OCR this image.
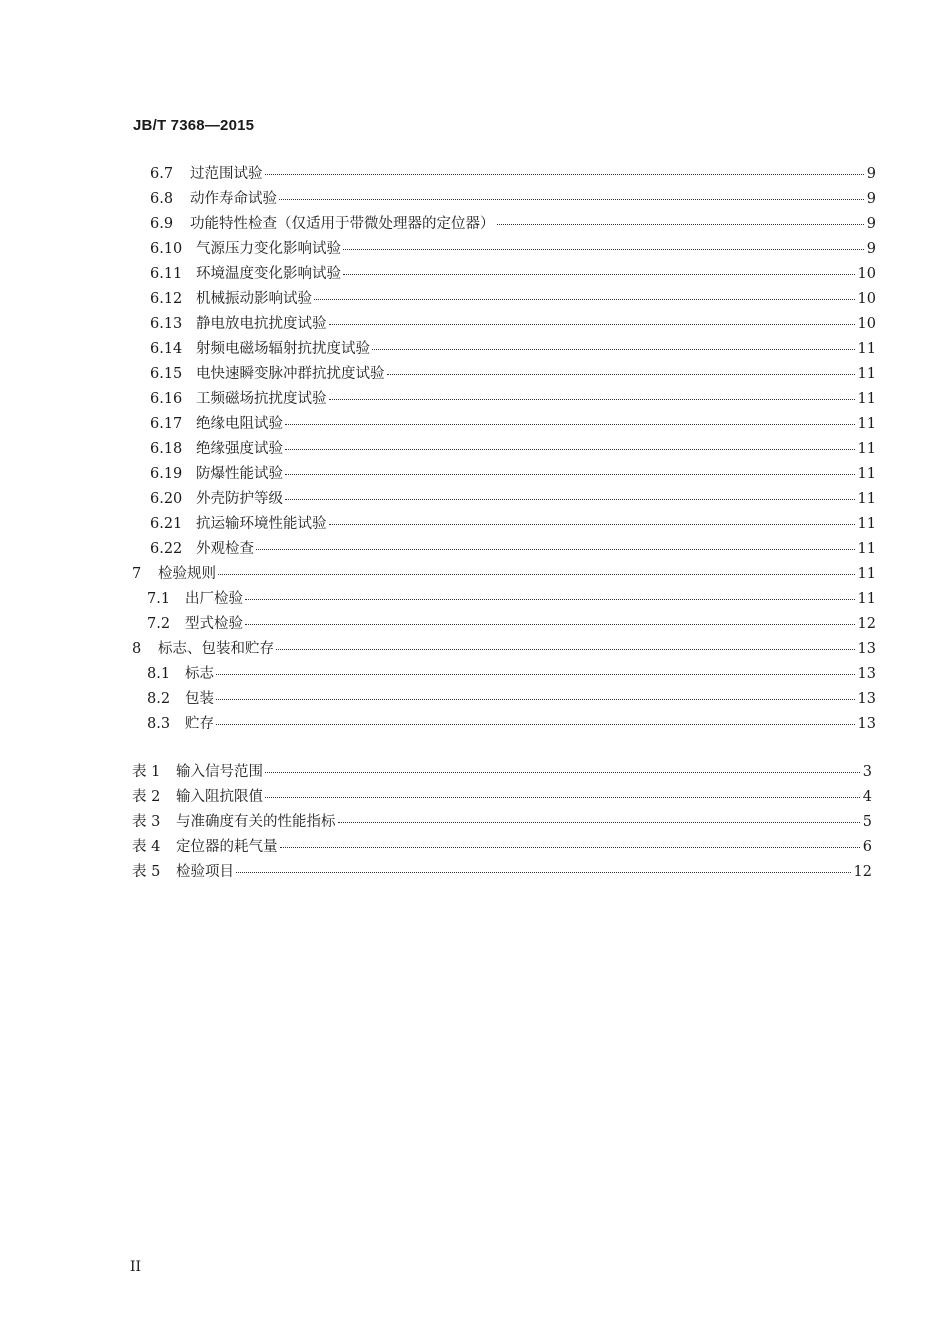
JB/T 7368—2015
6.7	过范围试验	9
6.8	动作寿命试验	9
6.9	功能特性检查（仅适用于带微处理器的定位器）	9
6.10 气源压力变化影响试验	9
6.11 环境温度变化影响试验	10
6.12 机械振动影响试验	10
6.13 静电放电抗扰度试验	10
6.14 射频电磁场辐射抗扰度试验	11
6.15 电快速瞬变脉冲群抗扰度试验	11
6.16 工频磁场抗扰度试验	11
6.17 绝缘电阻试验	11
6.18 绝缘强度试验	11
6.19 防爆性能试验	11
6.20 外壳防护等级	11
6.21 抗运输环境性能试验	11
6.22 外观检查	11
7	检验规则	11
7.1	出厂检验	11
7.2	型式检验	12
8	标志、包装和贮存	13
8.1	标志	13
8.2	包装	13
8.3	贮存	13
表 1	输入信号范围	3
表 2	输入阻抗限值	4
表 3	与准确度有关的性能指标	5
表 4	定位器的耗气量	6
表 5	检验项目	12
II
